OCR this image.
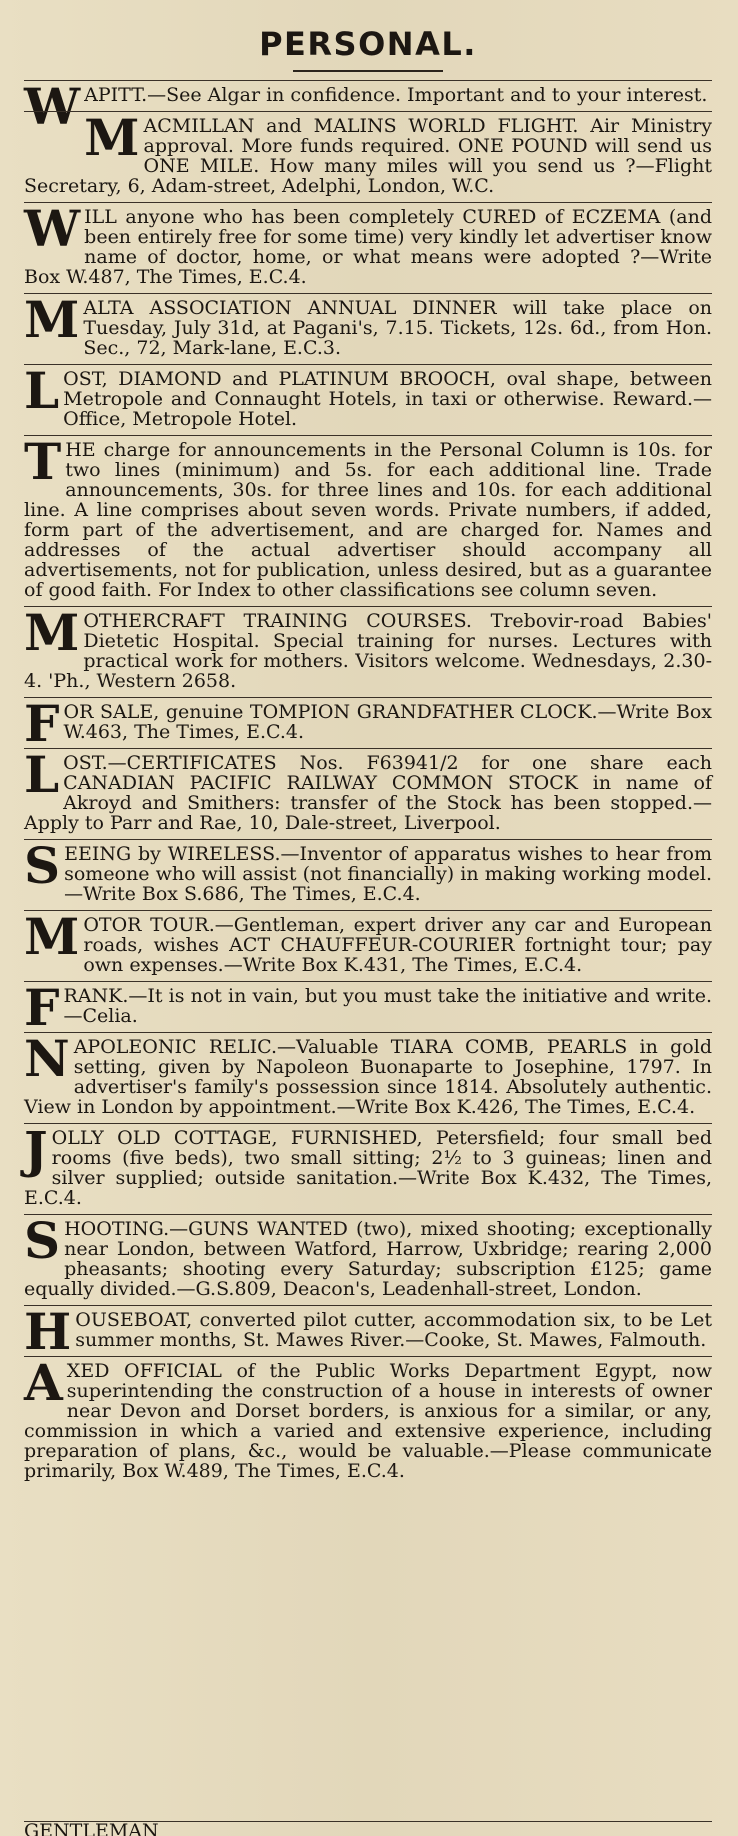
PERSONAL.
W APITT.—See Algar in confidence. Important and to your interest.

M ACMILLAN and MALINS WORLD FLIGHT. Air Ministry approval. More funds required. ONE POUND will send us ONE MILE. How many miles will you send us ?—Flight Secretary, 6, Adam-street, Adelphi, London, W.C.

W ILL anyone who has been completely CURED of ECZEMA (and been entirely free for some time) very kindly let advertiser know name of doctor, home, or what means were adopted ?—Write Box W.487, The Times, E.C.4.

M ALTA ASSOCIATION ANNUAL DINNER will take place on Tuesday, July 31d, at Pagani's, 7.15. Tickets, 12s. 6d., from Hon. Sec., 72, Mark-lane, E.C.3.

L OST, DIAMOND and PLATINUM BROOCH, oval shape, between Metropole and Connaught Hotels, in taxi or otherwise. Reward.—Office, Metropole Hotel.

T HE charge for announcements in the Personal Column is 10s. for two lines (minimum) and 5s. for each additional line. Trade announcements, 30s. for three lines and 10s. for each additional line. A line comprises about seven words. Private numbers, if added, form part of the advertisement, and are charged for. Names and addresses of the actual advertiser should accompany all advertisements, not for publication, unless desired, but as a guarantee of good faith. For Index to other classifications see column seven.

M OTHERCRAFT TRAINING COURSES. Trebovir-road Babies' Dietetic Hospital. Special training for nurses. Lectures with practical work for mothers. Visitors welcome. Wednesdays, 2.30-4. 'Ph., Western 2658.

F OR SALE, genuine TOMPION GRANDFATHER CLOCK.—Write Box W.463, The Times, E.C.4.

L OST.—CERTIFICATES Nos. F63941/2 for one share each CANADIAN PACIFIC RAILWAY COMMON STOCK in name of Akroyd and Smithers: transfer of the Stock has been stopped.—Apply to Parr and Rae, 10, Dale-street, Liverpool.

S EEING by WIRELESS.—Inventor of apparatus wishes to hear from someone who will assist (not financially) in making working model.—Write Box S.686, The Times, E.C.4.

M OTOR TOUR.—Gentleman, expert driver any car and European roads, wishes ACT CHAUFFEUR-COURIER fortnight tour; pay own expenses.—Write Box K.431, The Times, E.C.4.

F RANK.—It is not in vain, but you must take the initiative and write.—Celia.

N APOLEONIC RELIC.—Valuable TIARA COMB, PEARLS in gold setting, given by Napoleon Buonaparte to Josephine, 1797. In advertiser's family's possession since 1814. Absolutely authentic. View in London by appointment.—Write Box K.426, The Times, E.C.4.

J OLLY OLD COTTAGE, FURNISHED, Petersfield; four small bed rooms (five beds), two small sitting; 2½ to 3 guineas; linen and silver supplied; outside sanitation.—Write Box K.432, The Times, E.C.4.

S HOOTING.—GUNS WANTED (two), mixed shooting; exceptionally near London, between Watford, Harrow, Uxbridge; rearing 2,000 pheasants; shooting every Saturday; subscription £125; game equally divided.—G.S.809, Deacon's, Leadenhall-street, London.

H OUSEBOAT, converted pilot cutter, accommodation six, to be Let summer months, St. Mawes River.—Cooke, St. Mawes, Falmouth.

A XED OFFICIAL of the Public Works Department Egypt, now superintending the construction of a house in interests of owner near Devon and Dorset borders, is anxious for a similar, or any, commission in which a varied and extensive experience, including preparation of plans, &c., would be valuable.—Please communicate primarily, Box W.489, The Times, E.C.4.

GENTLEMAN
